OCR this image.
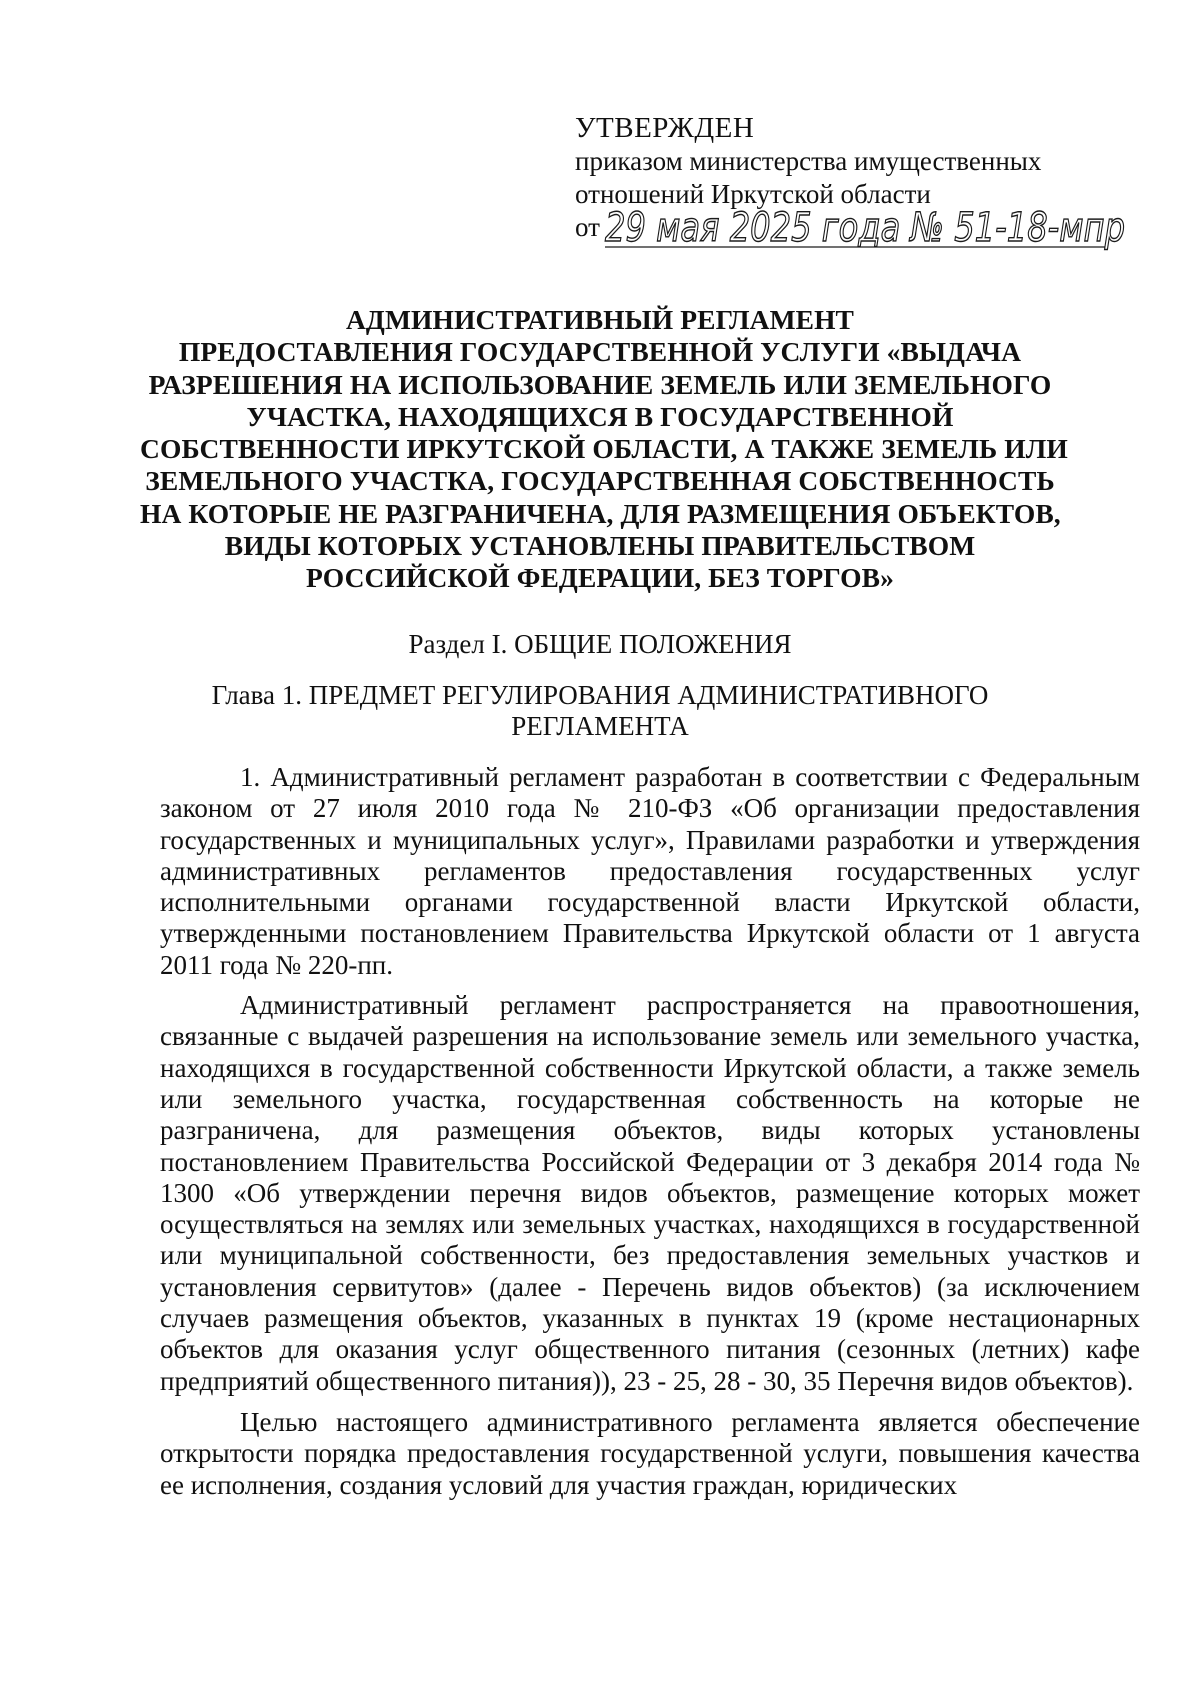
УТВЕРЖДЕН
приказом министерства имущественных
отношений Иркутской области
от 29 мая 2025 года № 51-18-мпр
АДМИНИСТРАТИВНЫЙ РЕГЛАМЕНТ
ПРЕДОСТАВЛЕНИЯ ГОСУДАРСТВЕННОЙ УСЛУГИ «ВЫДАЧА
РАЗРЕШЕНИЯ НА ИСПОЛЬЗОВАНИЕ ЗЕМЕЛЬ ИЛИ ЗЕМЕЛЬНОГО
УЧАСТКА, НАХОДЯЩИХСЯ В ГОСУДАРСТВЕННОЙ
СОБСТВЕННОСТИ ИРКУТСКОЙ ОБЛАСТИ, А ТАКЖЕ ЗЕМЕЛЬ ИЛИ
ЗЕМЕЛЬНОГО УЧАСТКА, ГОСУДАРСТВЕННАЯ СОБСТВЕННОСТЬ
НА КОТОРЫЕ НЕ РАЗГРАНИЧЕНА, ДЛЯ РАЗМЕЩЕНИЯ ОБЪЕКТОВ,
ВИДЫ КОТОРЫХ УСТАНОВЛЕНЫ ПРАВИТЕЛЬСТВОМ
РОССИЙСКОЙ ФЕДЕРАЦИИ, БЕЗ ТОРГОВ»
Раздел I. ОБЩИЕ ПОЛОЖЕНИЯ
Глава 1. ПРЕДМЕТ РЕГУЛИРОВАНИЯ АДМИНИСТРАТИВНОГО
РЕГЛАМЕНТА

1. Административный регламент разработан в соответствии с Федеральным законом от 27 июля 2010 года № 210-ФЗ «Об организации предоставления государственных и муниципальных услуг», Правилами разработки и утверждения административных регламентов предоставления государственных услуг исполнительными органами государственной власти Иркутской области, утвержденными постановлением Правительства Иркутской области от 1 августа 2011 года № 220-пп.

Административный регламент распространяется на правоотношения, связанные с выдачей разрешения на использование земель или земельного участка, находящихся в государственной собственности Иркутской области, а также земель или земельного участка, государственная собственность на которые не разграничена, для размещения объектов, виды которых установлены постановлением Правительства Российской Федерации от 3 декабря 2014 года № 1300 «Об утверждении перечня видов объектов, размещение которых может осуществляться на землях или земельных участках, находящихся в государственной или муниципальной собственности, без предоставления земельных участков и установления сервитутов» (далее - Перечень видов объектов) (за исключением случаев размещения объектов, указанных в пунктах 19 (кроме нестационарных объектов для оказания услуг общественного питания (сезонных (летних) кафе предприятий общественного питания)), 23 - 25, 28 - 30, 35 Перечня видов объектов).

Целью настоящего административного регламента является обеспечение открытости порядка предоставления государственной услуги, повышения качества ее исполнения, создания условий для участия граждан, юридических
